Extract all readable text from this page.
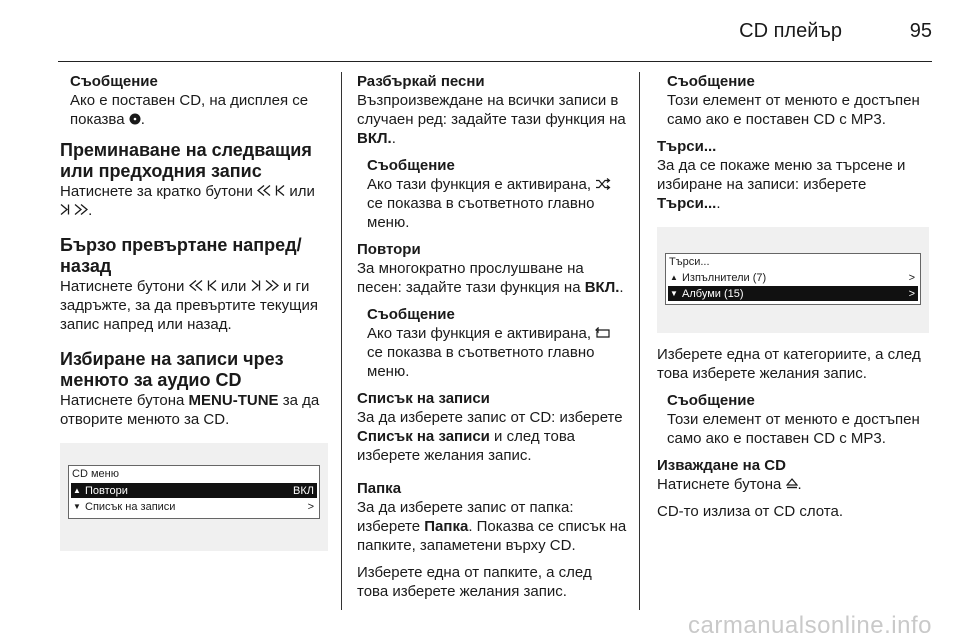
CD плейър	95

Съобщение

Ако е поставен CD, на дисплея се показва .

Преминаване на следващия или предходния запис

Натиснете за кратко бутони   или  .

Бързо превъртане напред/ назад

Натиснете бутони   или   и ги задръжте, за да превъртите текущия запис напред или назад.

Избиране на записи чрез менюто за аудио CD

Натиснете бутона MENU-TUNE за да отворите менюто за CD.

CD меню
▲ Повтори	ВКЛ
▼ Списък на записи	>

Разбъркай песни

Възпроизвеждане на всички записи в случаен ред: задайте тази функция на ВКЛ..

Съобщение

Ако тази функция е активирана,  се показва в съответното главно меню.

Повтори

За многократно прослушване на песен: задайте тази функция на ВКЛ..

Съобщение

Ако тази функция е активирана,  се показва в съответното главно меню.

Списък на записи

За да изберете запис от CD: изберете Списък на записи и след това изберете желания запис.

Папка

За да изберете запис от папка: изберете Папка. Показва се списък на папките, запаметени върху CD.

Изберете една от папките, а след това изберете желания запис.

Съобщение

Този елемент от менюто е достъпен само ако е поставен CD с MP3.

Търси...

За да се покаже меню за търсене и избиране на записи: изберете Търси....

Търси...
▲ Изпълнители (7)	>
▼ Албуми (15)	>

Изберете една от категориите, а след това изберете желания запис.

Съобщение

Този елемент от менюто е достъпен само ако е поставен CD с MP3.

Изваждане на CD

Натиснете бутона .

CD-то излиза от CD слота.

carmanualsonline.info
